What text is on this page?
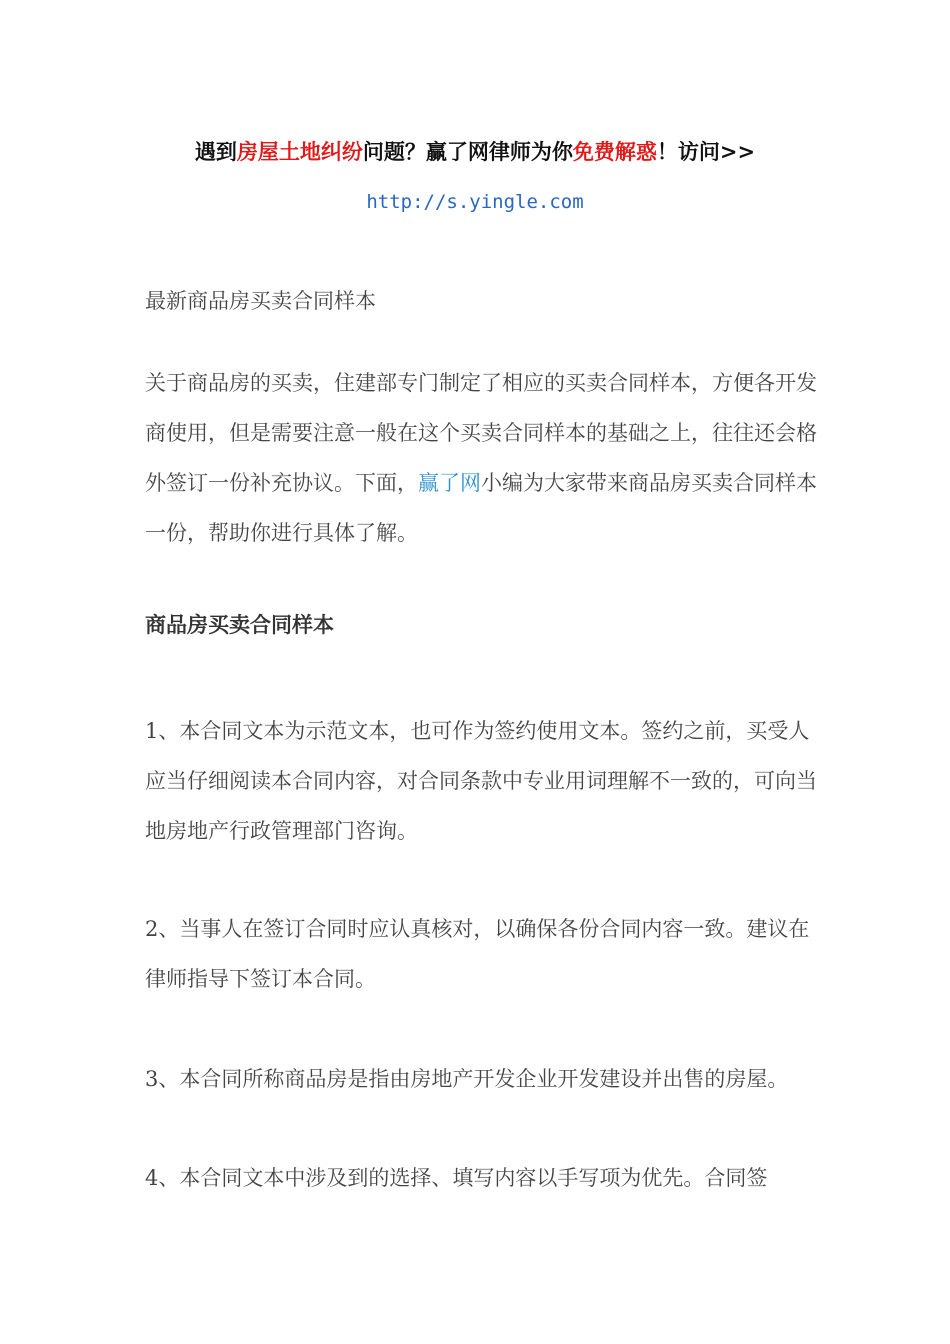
遇到房屋土地纠纷问题？赢了网律师为你免费解惑！访问>>
http://s.yingle.com
最新商品房买卖合同样本
关于商品房的买卖，住建部专门制定了相应的买卖合同样本，方便各开发商使用，但是需要注意一般在这个买卖合同样本的基础之上，往往还会格外签订一份补充协议。下面，赢了网小编为大家带来商品房买卖合同样本一份，帮助你进行具体了解。
商品房买卖合同样本

1、本合同文本为示范文本，也可作为签约使用文本。签约之前，买受人应当仔细阅读本合同内容，对合同条款中专业用词理解不一致的，可向当地房地产行政管理部门咨询。

2、当事人在签订合同时应认真核对，以确保各份合同内容一致。建议在律师指导下签订本合同。

3、本合同所称商品房是指由房地产开发企业开发建设并出售的房屋。

4、本合同文本中涉及到的选择、填写内容以手写项为优先。合同签
